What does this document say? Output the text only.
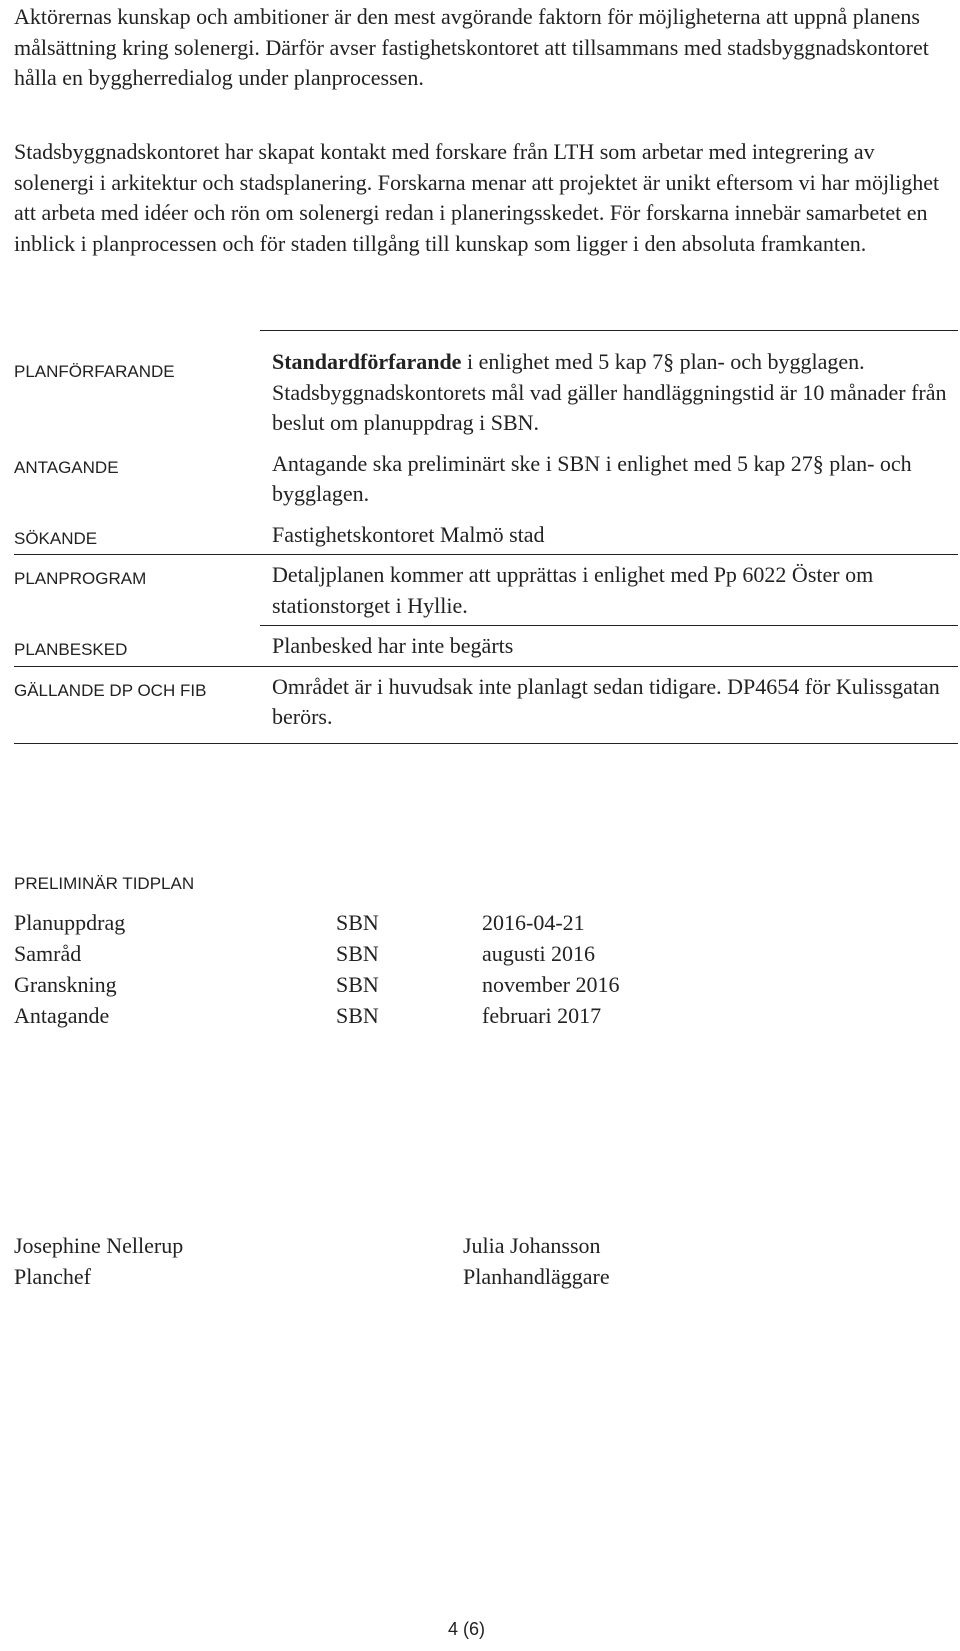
Aktörernas kunskap och ambitioner är den mest avgörande faktorn för möjligheterna att uppnå planens målsättning kring solenergi. Därför avser fastighetskontoret att tillsammans med stadsbyggnadskontoret hålla en byggherredialog under planprocessen.

Stadsbyggnadskontoret har skapat kontakt med forskare från LTH som arbetar med integrering av solenergi i arkitektur och stadsplanering. Forskarna menar att projektet är unikt eftersom vi har möjlighet att arbeta med idéer och rön om solenergi redan i planeringsskedet. För forskarna innebär samarbetet en inblick i planprocessen och för staden tillgång till kunskap som ligger i den absoluta framkanten.

PLANFÖRFARANDE	Standardförfarande i enlighet med 5 kap 7§ plan- och bygglagen. Stadsbyggnadskontorets mål vad gäller handläggningstid är 10 månader från beslut om planuppdrag i SBN.
ANTAGANDE	Antagande ska preliminärt ske i SBN i enlighet med 5 kap 27§ plan- och bygglagen.
SÖKANDE	Fastighetskontoret Malmö stad
PLANPROGRAM	Detaljplanen kommer att upprättas i enlighet med Pp 6022 Öster om stationstorget i Hyllie.
PLANBESKED	Planbesked har inte begärts
GÄLLANDE DP OCH FIB	Området är i huvudsak inte planlagt sedan tidigare. DP4654 för Kulissgatan berörs.
PRELIMINÄR TIDPLAN
Planuppdrag	SBN	2016-04-21
Samråd	SBN	augusti 2016
Granskning	SBN	november 2016
Antagande	SBN	februari 2017
Josephine Nellerup
Planchef
Julia Johansson
Planhandläggare
4 (6)
